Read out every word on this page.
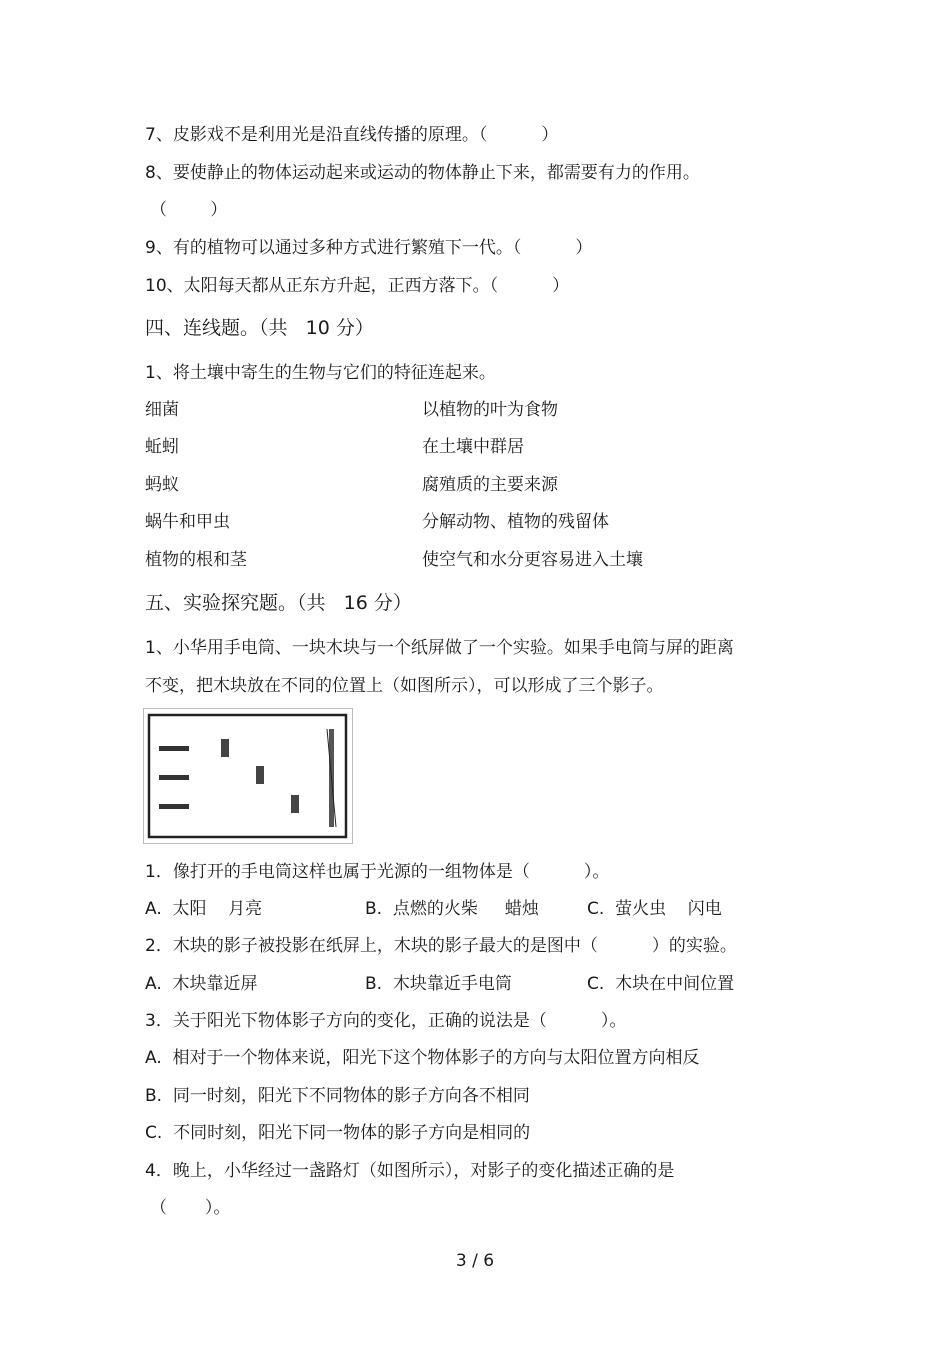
7、皮影戏不是利用光是沿直线传播的原理。（          ）
8、要使静止的物体运动起来或运动的物体静止下来，都需要有力的作用。
（        ）
9、有的植物可以通过多种方式进行繁殖下一代。（          ）
10、太阳每天都从正东方升起，正西方落下。（          ）
四、连线题。（共   10 分）
1、将土壤中寄生的生物与它们的特征连起来。
细菌	以植物的叶为食物
蚯蚓	在土壤中群居
蚂蚁	腐殖质的主要来源
蜗牛和甲虫	分解动物、植物的残留体
植物的根和茎	使空气和水分更容易进入土壤
五、实验探究题。（共   16 分）
1、小华用手电筒、一块木块与一个纸屏做了一个实验。如果手电筒与屏的距离
不变，把木块放在不同的位置上（如图所示），可以形成了三个影子。
1．像打开的手电筒这样也属于光源的一组物体是（          ）。
A.  太阳    月亮	B.  点燃的火柴     蜡烛	C.  萤火虫    闪电
2．木块的影子被投影在纸屏上，木块的影子最大的是图中（          ）的实验。
A.  木块靠近屏	B.  木块靠近手电筒	C.  木块在中间位置
3．关于阳光下物体影子方向的变化，正确的说法是（          ）。
A.  相对于一个物体来说，阳光下这个物体影子的方向与太阳位置方向相反
B.  同一时刻，阳光下不同物体的影子方向各不相同
C.  不同时刻，阳光下同一物体的影子方向是相同的
4．晚上，小华经过一盏路灯（如图所示），对影子的变化描述正确的是
（       ）。
3 / 6
